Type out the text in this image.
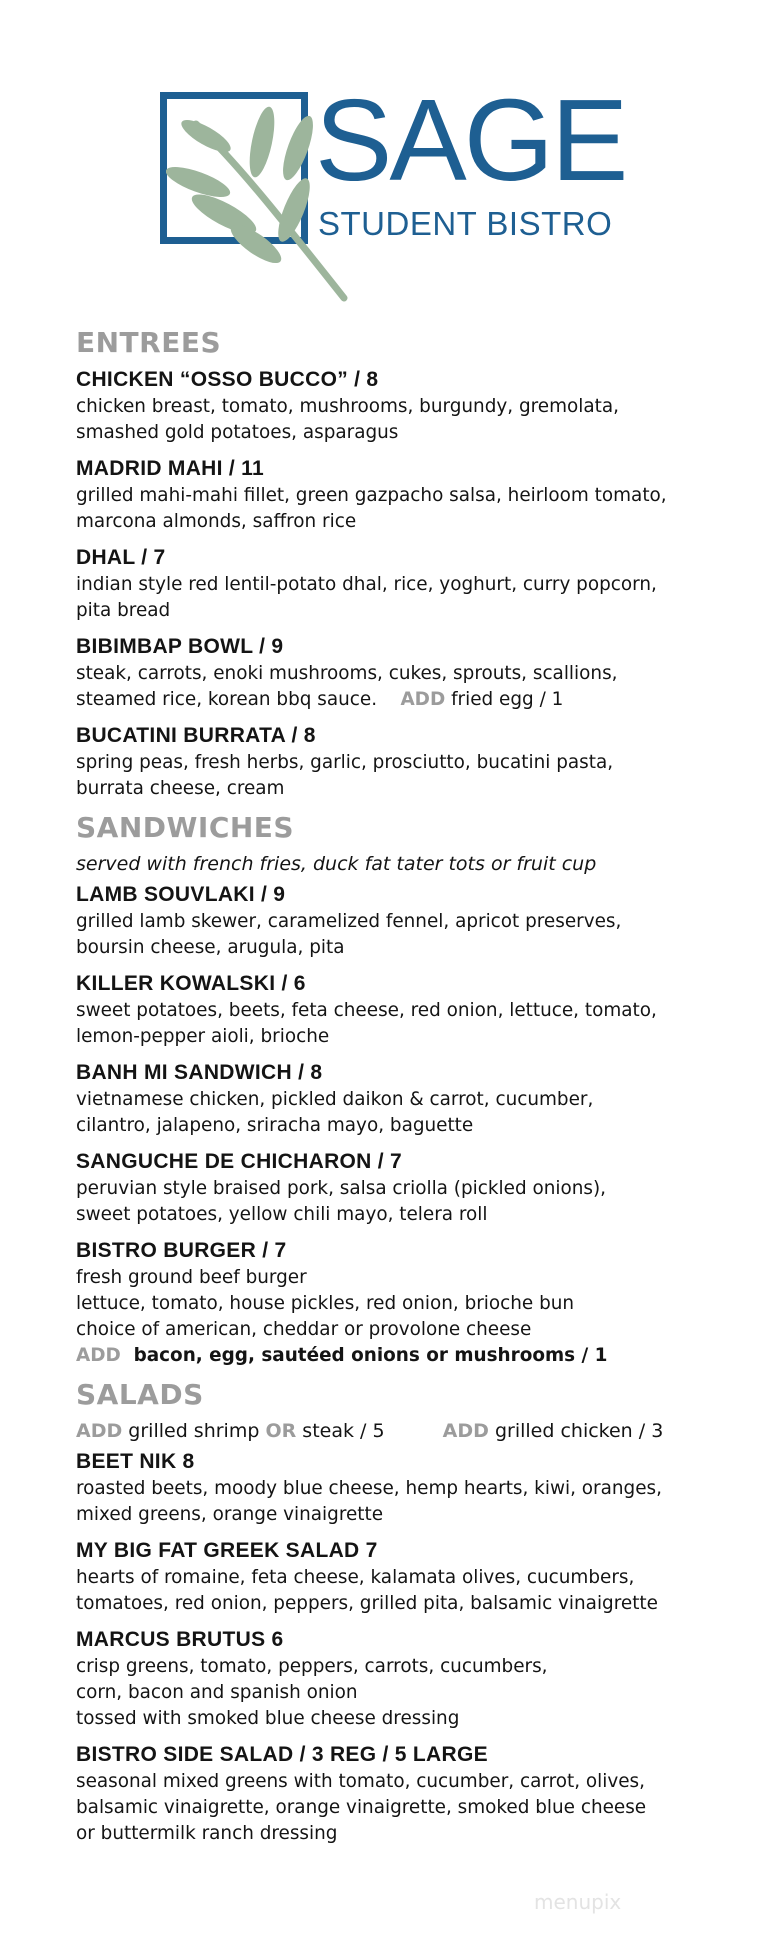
SAGE
STUDENT BISTRO
ENTREES
CHICKEN “OSSO BUCCO” / 8
chicken breast, tomato, mushrooms, burgundy, gremolata,
smashed gold potatoes, asparagus
MADRID MAHI / 11
grilled mahi-mahi fillet, green gazpacho salsa, heirloom tomato,
marcona almonds, saffron rice
DHAL / 7
indian style red lentil-potato dhal, rice, yoghurt, curry popcorn,
pita bread
BIBIMBAP BOWL / 9
steak, carrots, enoki mushrooms, cukes, sprouts, scallions,
steamed rice, korean bbq sauce. ADD fried egg / 1
BUCATINI BURRATA / 8
spring peas, fresh herbs, garlic, prosciutto, bucatini pasta,
burrata cheese, cream
SANDWICHES
served with french fries, duck fat tater tots or fruit cup
LAMB SOUVLAKI / 9
grilled lamb skewer, caramelized fennel, apricot preserves,
boursin cheese, arugula, pita
KILLER KOWALSKI / 6
sweet potatoes, beets, feta cheese, red onion, lettuce, tomato,
lemon-pepper aioli, brioche
BANH MI SANDWICH / 8
vietnamese chicken, pickled daikon & carrot, cucumber,
cilantro, jalapeno, sriracha mayo, baguette
SANGUCHE DE CHICHARON / 7
peruvian style braised pork, salsa criolla (pickled onions),
sweet potatoes, yellow chili mayo, telera roll
BISTRO BURGER / 7
fresh ground beef burger
lettuce, tomato, house pickles, red onion, brioche bun
choice of american, cheddar or provolone cheese
ADD bacon, egg, sautéed onions or mushrooms / 1
SALADS
ADD grilled shrimp OR steak / 5	ADD grilled chicken / 3
BEET NIK 8
roasted beets, moody blue cheese, hemp hearts, kiwi, oranges,
mixed greens, orange vinaigrette
MY BIG FAT GREEK SALAD 7
hearts of romaine, feta cheese, kalamata olives, cucumbers,
tomatoes, red onion, peppers, grilled pita, balsamic vinaigrette
MARCUS BRUTUS 6
crisp greens, tomato, peppers, carrots, cucumbers,
corn, bacon and spanish onion
tossed with smoked blue cheese dressing
BISTRO SIDE SALAD / 3 REG / 5 LARGE
seasonal mixed greens with tomato, cucumber, carrot, olives,
balsamic vinaigrette, orange vinaigrette, smoked blue cheese
or buttermilk ranch dressing
menupix
